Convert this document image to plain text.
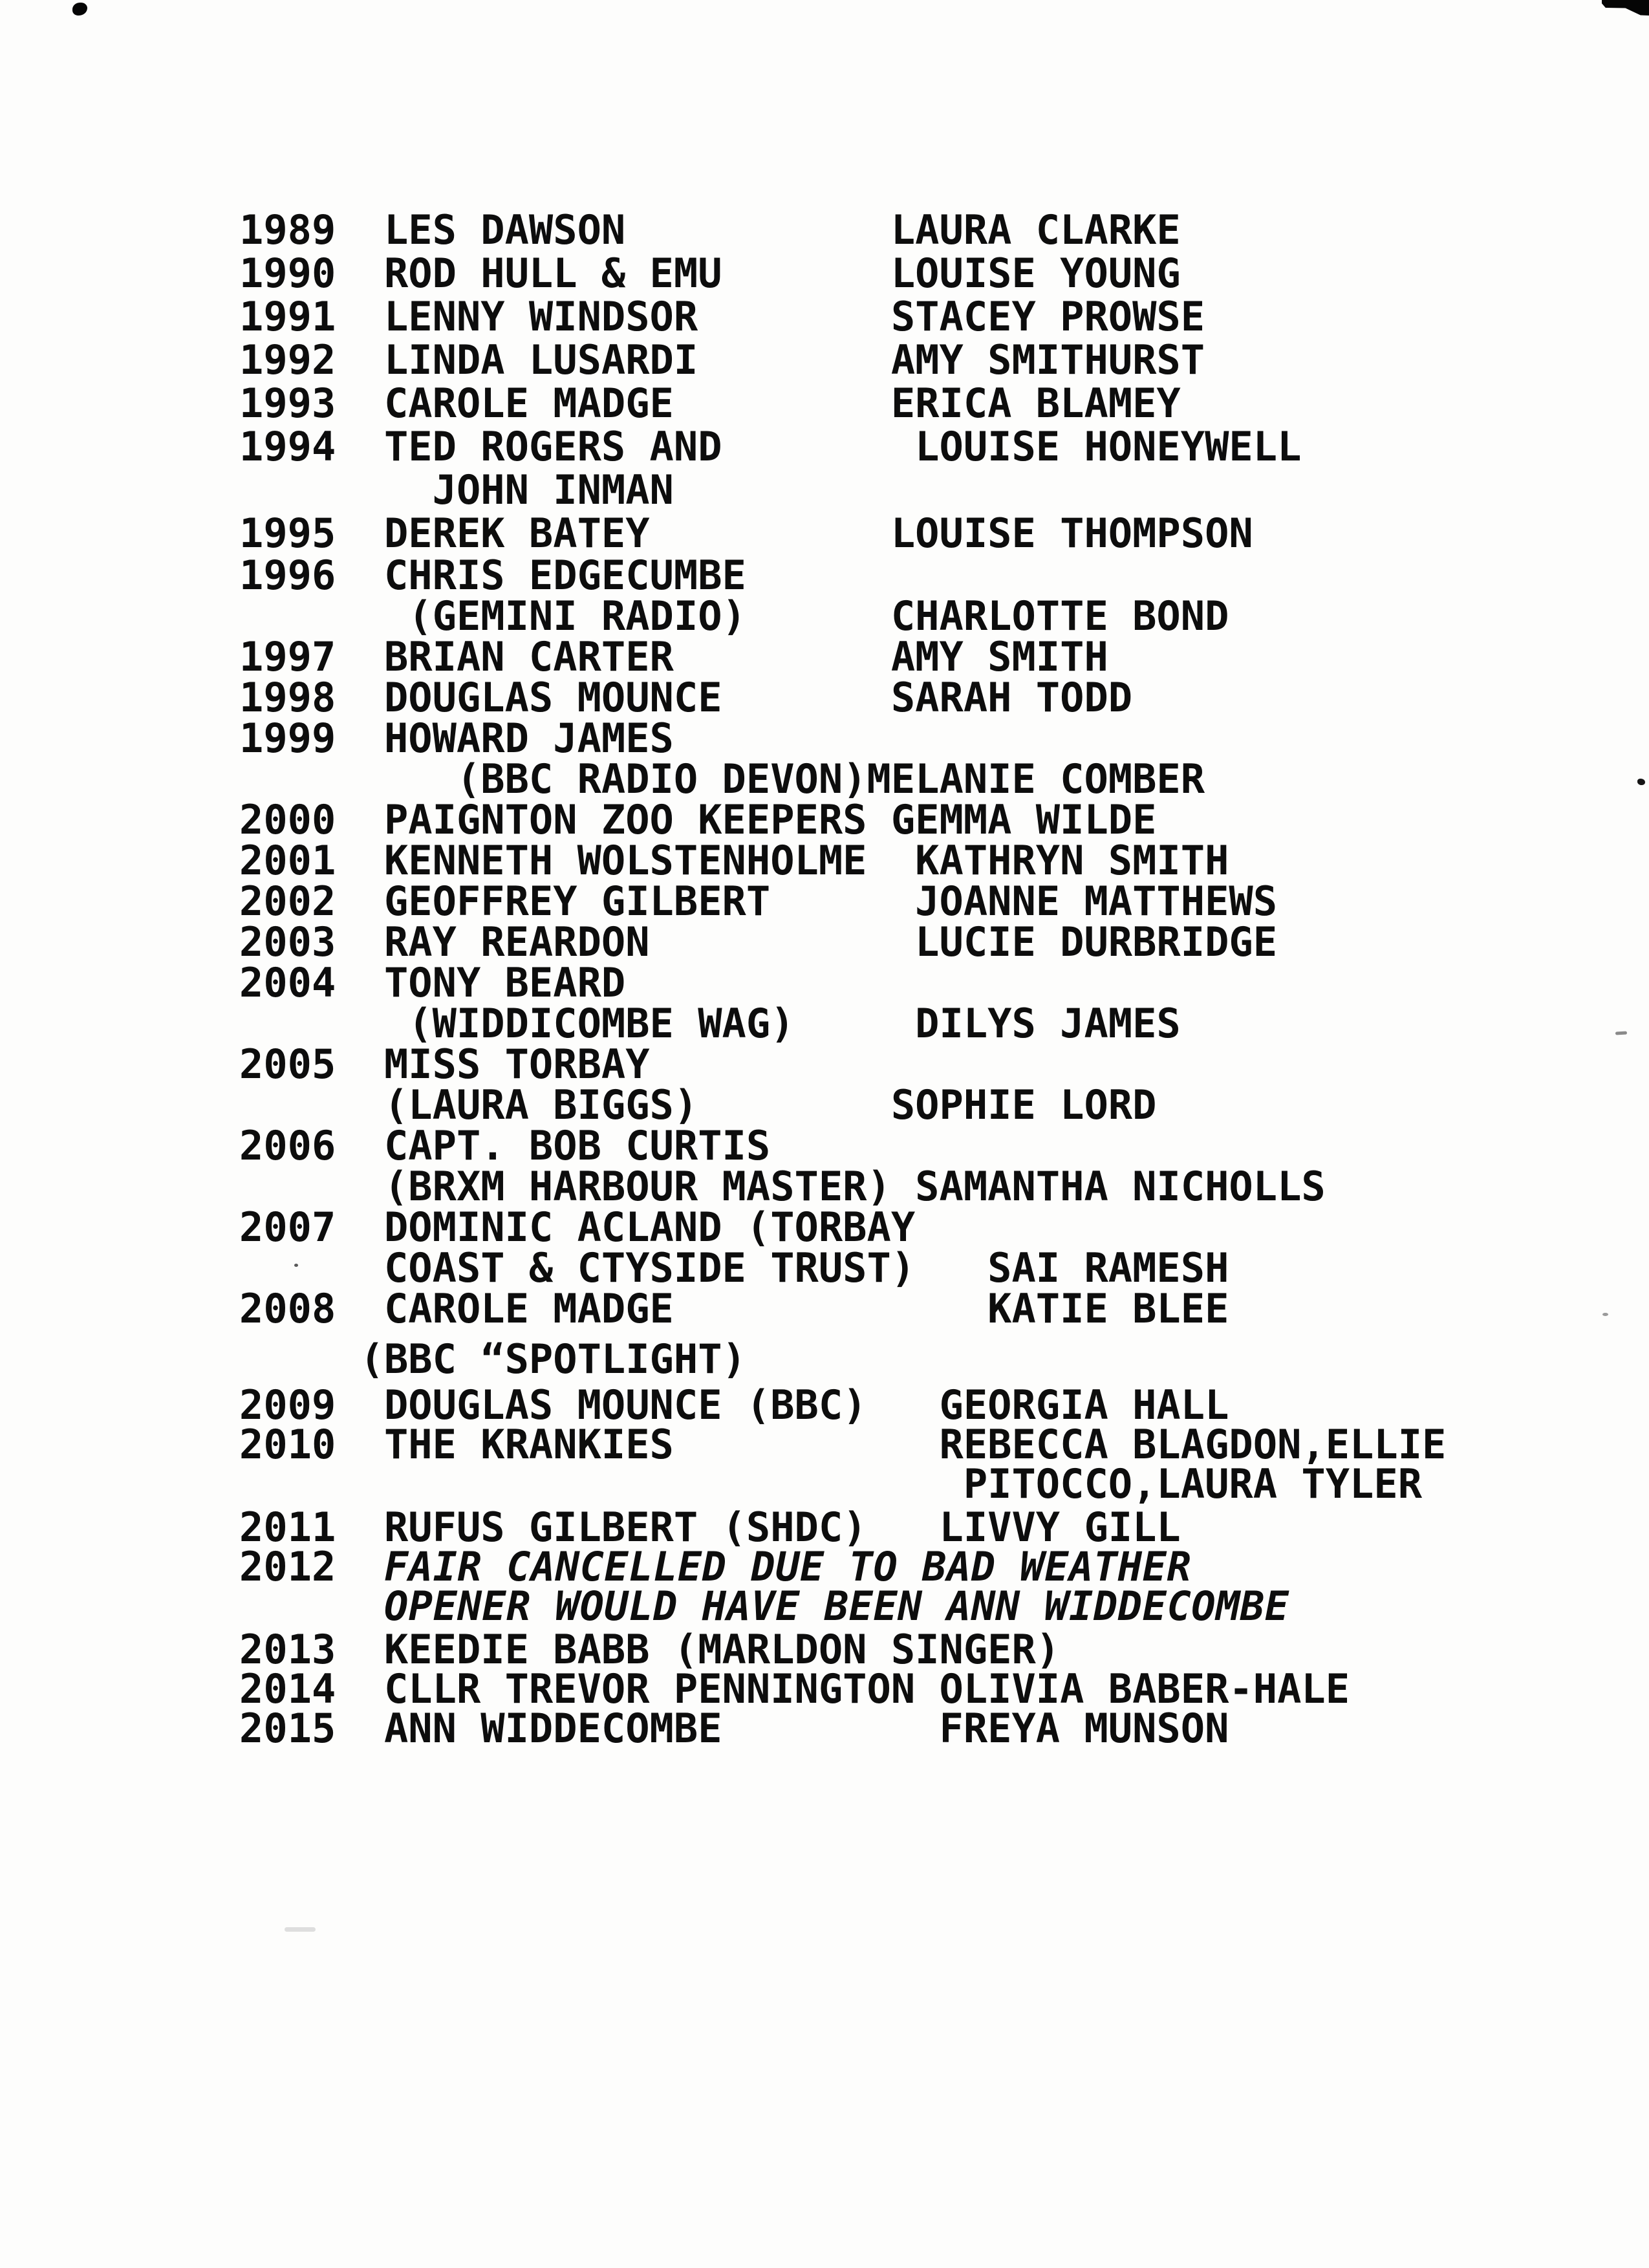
1989  LES DAWSON           LAURA CLARKE
1990  ROD HULL & EMU       LOUISE YOUNG
1991  LENNY WINDSOR        STACEY PROWSE
1992  LINDA LUSARDI        AMY SMITHURST
1993  CAROLE MADGE         ERICA BLAMEY
1994  TED ROGERS AND        LOUISE HONEYWELL
JOHN INMAN
1995  DEREK BATEY          LOUISE THOMPSON
1996  CHRIS EDGECUMBE
(GEMINI RADIO)      CHARLOTTE BOND
1997  BRIAN CARTER         AMY SMITH
1998  DOUGLAS MOUNCE       SARAH TODD
1999  HOWARD JAMES
(BBC RADIO DEVON)MELANIE COMBER
2000  PAIGNTON ZOO KEEPERS GEMMA WILDE
2001  KENNETH WOLSTENHOLME  KATHRYN SMITH
2002  GEOFFREY GILBERT      JOANNE MATTHEWS
2003  RAY REARDON           LUCIE DURBRIDGE
2004  TONY BEARD
(WIDDICOMBE WAG)     DILYS JAMES
2005  MISS TORBAY
(LAURA BIGGS)        SOPHIE LORD
2006  CAPT. BOB CURTIS
(BRXM HARBOUR MASTER) SAMANTHA NICHOLLS
2007  DOMINIC ACLAND (TORBAY
COAST & CTYSIDE TRUST)   SAI RAMESH
2008  CAROLE MADGE             KATIE BLEE
(BBC “SPOTLIGHT)
2009  DOUGLAS MOUNCE (BBC)   GEORGIA HALL
2010  THE KRANKIES           REBECCA BLAGDON,ELLIE
PITOCCO,LAURA TYLER
2011  RUFUS GILBERT (SHDC)   LIVVY GILL
2012  FAIR CANCELLED DUE TO BAD WEATHER
OPENER WOULD HAVE BEEN ANN WIDDECOMBE
2013  KEEDIE BABB (MARLDON SINGER)
2014  CLLR TREVOR PENNINGTON OLIVIA BABER-HALE
2015  ANN WIDDECOMBE         FREYA MUNSON
